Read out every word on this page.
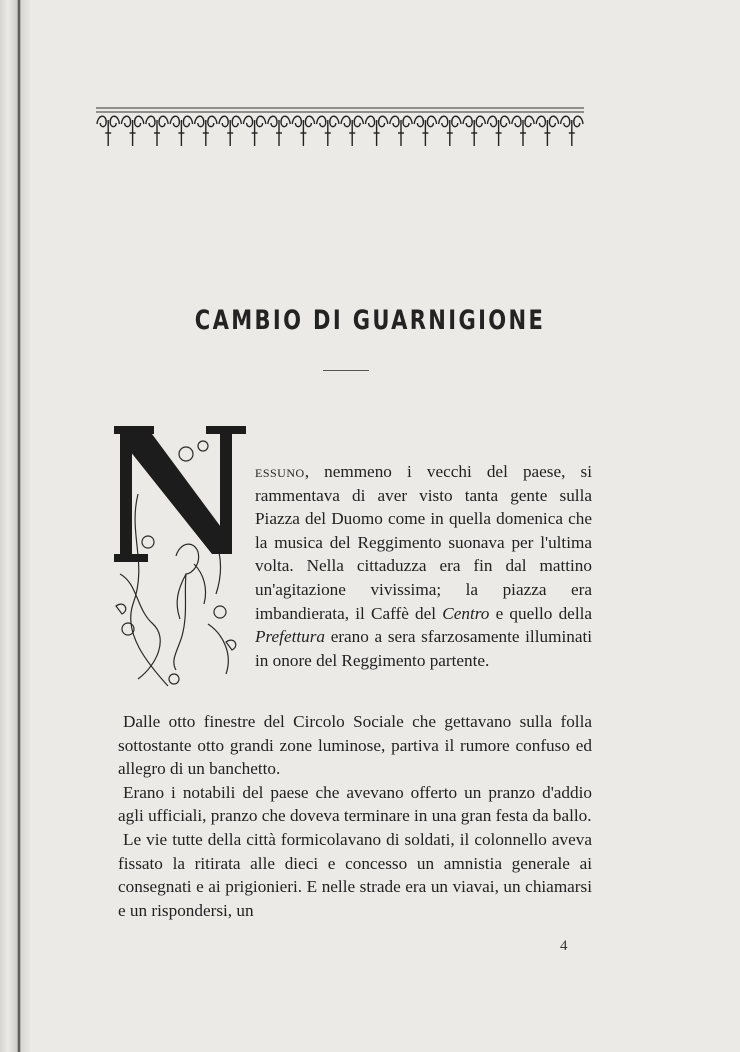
CAMBIO DI GUARNIGIONE

essuno, nemmeno i vecchi del paese, si rammentava di aver visto tanta gente sulla Piazza del Duomo come in quella domenica che la musica del Reggimento suonava per l'ultima volta. Nella cittaduzza era fin dal mattino un'agitazione vivissima; la piazza era imbandierata, il Caffè del Centro e quello della Prefettura erano a sera sfarzosamente illuminati in onore del Reggimento partente.

Dalle otto finestre del Circolo Sociale che gettavano sulla folla sottostante otto grandi zone luminose, partiva il rumore confuso ed allegro di un banchetto.

Erano i notabili del paese che avevano offerto un pranzo d'addio agli ufficiali, pranzo che doveva terminare in una gran festa da ballo.

Le vie tutte della città formicolavano di soldati, il colonnello aveva fissato la ritirata alle dieci e concesso un amnistia generale ai consegnati e ai prigionieri. E nelle strade era un viavai, un chiamarsi e un rispondersi, un

4
